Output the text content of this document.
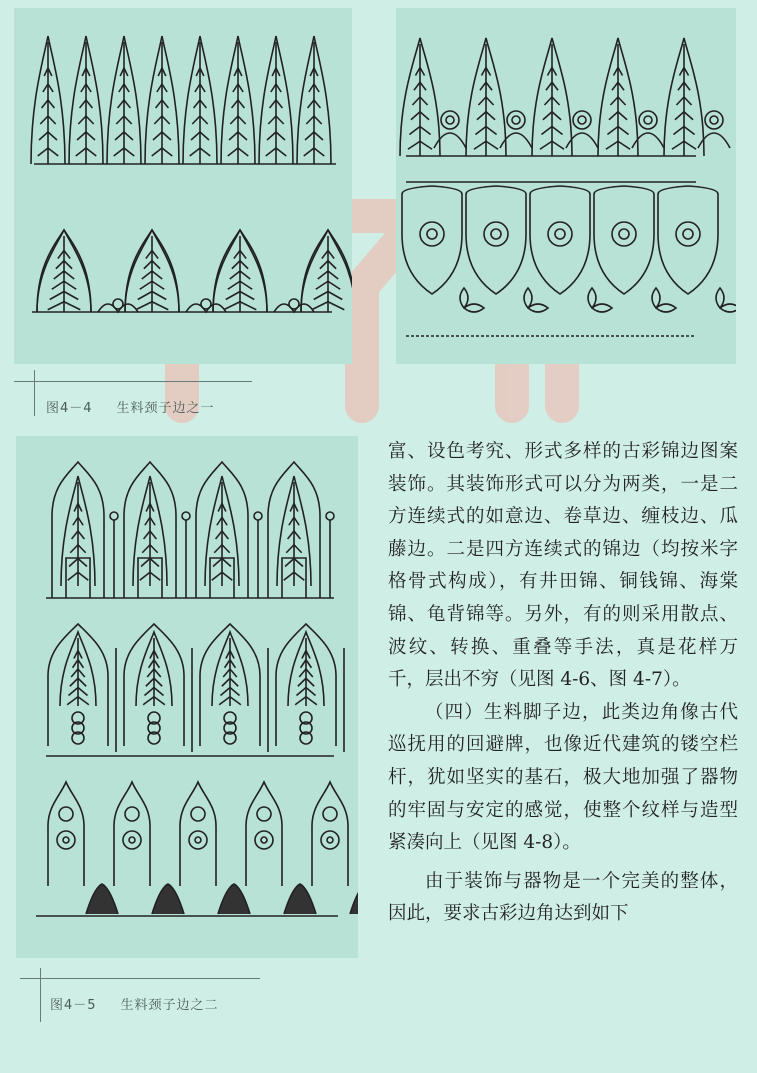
图4－4 生料颈子边之一
图4－5 生料颈子边之二

富、设色考究、形式多样的古彩锦边图案装饰。其装饰形式可以分为两类，一是二方连续式的如意边、卷草边、缠枝边、瓜藤边。二是四方连续式的锦边（均按米字格骨式构成），有井田锦、铜钱锦、海棠锦、龟背锦等。另外，有的则采用散点、波纹、转换、重叠等手法，真是花样万千，层出不穷（见图 4-6、图 4-7）。

（四）生料脚子边，此类边角像古代巡抚用的回避牌，也像近代建筑的镂空栏杆，犹如坚实的基石，极大地加强了器物的牢固与安定的感觉，使整个纹样与造型紧凑向上（见图 4-8）。

由于装饰与器物是一个完美的整体，因此，要求古彩边角达到如下
